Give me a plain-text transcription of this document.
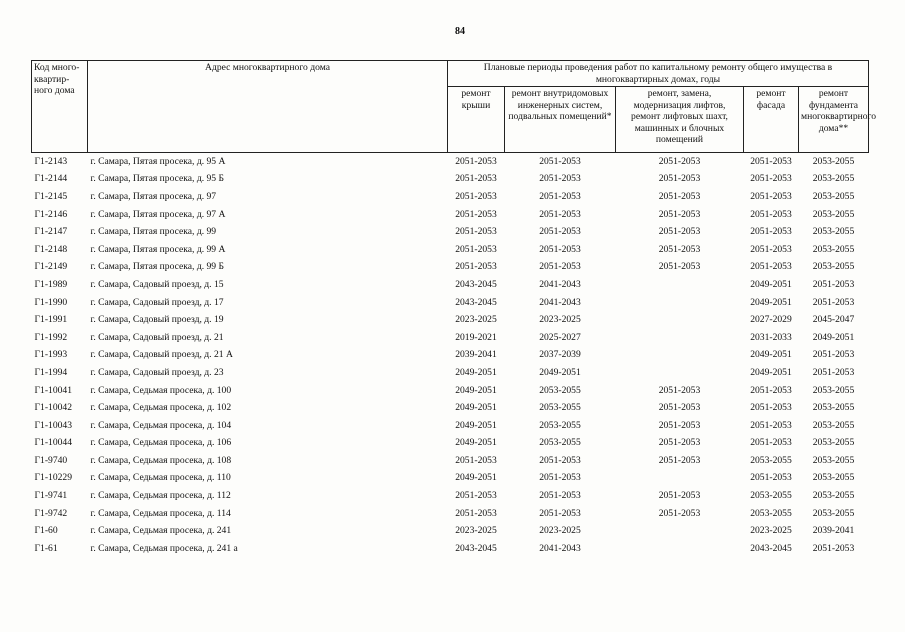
84
Код много-квартир-ного дома	Адрес многоквартирного дома	Плановые периоды проведения работ по капитальному ремонту общего имущества в многоквартирных домах, годы				
		ремонт крыши	ремонт внутридомовых инженерных систем, подвальных помещений*	ремонт, замена, модернизация лифтов, ремонт лифтовых шахт, машинных и блочных помещений	ремонт фасада	ремонт фундамента многоквартирного дома**
Г1-2143	г. Самара, Пятая просека, д. 95 А	2051-2053	2051-2053	2051-2053	2051-2053	2053-2055
Г1-2144	г. Самара, Пятая просека, д. 95 Б	2051-2053	2051-2053	2051-2053	2051-2053	2053-2055
Г1-2145	г. Самара, Пятая просека, д. 97	2051-2053	2051-2053	2051-2053	2051-2053	2053-2055
Г1-2146	г. Самара, Пятая просека, д. 97 А	2051-2053	2051-2053	2051-2053	2051-2053	2053-2055
Г1-2147	г. Самара, Пятая просека, д. 99	2051-2053	2051-2053	2051-2053	2051-2053	2053-2055
Г1-2148	г. Самара, Пятая просека, д. 99 А	2051-2053	2051-2053	2051-2053	2051-2053	2053-2055
Г1-2149	г. Самара, Пятая просека, д. 99 Б	2051-2053	2051-2053	2051-2053	2051-2053	2053-2055
Г1-1989	г. Самара, Садовый проезд, д. 15	2043-2045	2041-2043		2049-2051	2051-2053
Г1-1990	г. Самара, Садовый проезд, д. 17	2043-2045	2041-2043		2049-2051	2051-2053
Г1-1991	г. Самара, Садовый проезд, д. 19	2023-2025	2023-2025		2027-2029	2045-2047
Г1-1992	г. Самара, Садовый проезд, д. 21	2019-2021	2025-2027		2031-2033	2049-2051
Г1-1993	г. Самара, Садовый проезд, д. 21 А	2039-2041	2037-2039		2049-2051	2051-2053
Г1-1994	г. Самара, Садовый проезд, д. 23	2049-2051	2049-2051		2049-2051	2051-2053
Г1-10041	г. Самара, Седьмая просека, д. 100	2049-2051	2053-2055	2051-2053	2051-2053	2053-2055
Г1-10042	г. Самара, Седьмая просека, д. 102	2049-2051	2053-2055	2051-2053	2051-2053	2053-2055
Г1-10043	г. Самара, Седьмая просека, д. 104	2049-2051	2053-2055	2051-2053	2051-2053	2053-2055
Г1-10044	г. Самара, Седьмая просека, д. 106	2049-2051	2053-2055	2051-2053	2051-2053	2053-2055
Г1-9740	г. Самара, Седьмая просека, д. 108	2051-2053	2051-2053	2051-2053	2053-2055	2053-2055
Г1-10229	г. Самара, Седьмая просека, д. 110	2049-2051	2051-2053		2051-2053	2053-2055
Г1-9741	г. Самара, Седьмая просека, д. 112	2051-2053	2051-2053	2051-2053	2053-2055	2053-2055
Г1-9742	г. Самара, Седьмая просека, д. 114	2051-2053	2051-2053	2051-2053	2053-2055	2053-2055
Г1-60	г. Самара, Седьмая просека, д. 241	2023-2025	2023-2025		2023-2025	2039-2041
Г1-61	г. Самара, Седьмая просека, д. 241 а	2043-2045	2041-2043		2043-2045	2051-2053
